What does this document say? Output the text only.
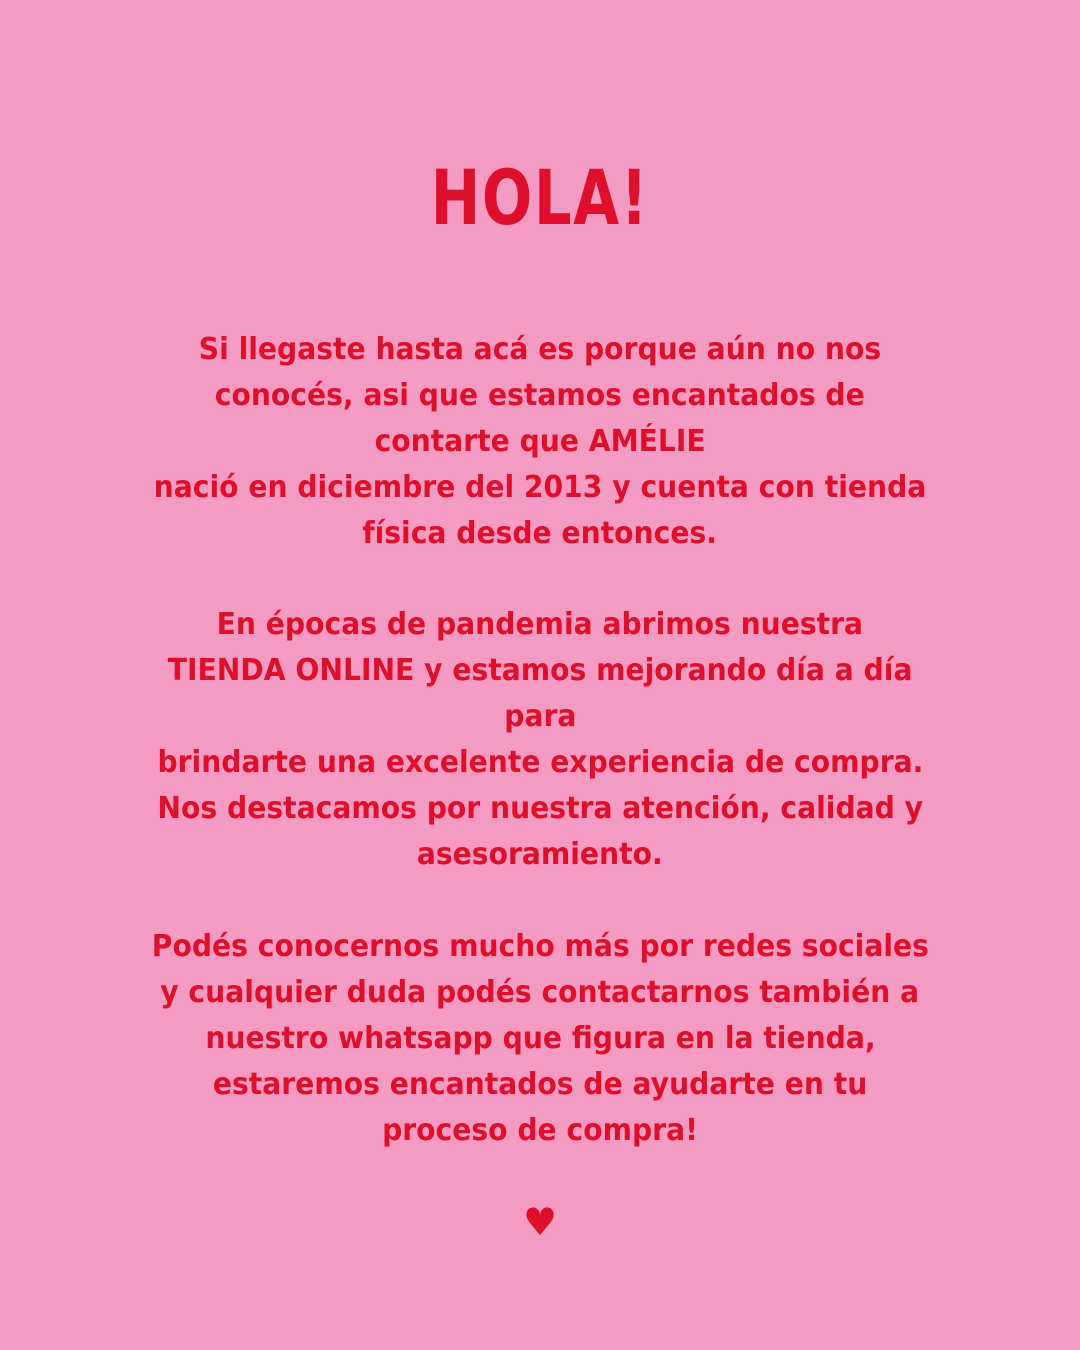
HOLA!
Si llegaste hasta acá es porque aún no nos
conocés, asi que estamos encantados de
contarte que AMÉLIE
nació en diciembre del 2013 y cuenta con tienda
física desde entonces.
En épocas de pandemia abrimos nuestra
TIENDA ONLINE y estamos mejorando día a día
para
brindarte una excelente experiencia de compra.
Nos destacamos por nuestra atención, calidad y
asesoramiento.
Podés conocernos mucho más por redes sociales
y cualquier duda podés contactarnos también a
nuestro whatsapp que figura en la tienda,
estaremos encantados de ayudarte en tu
proceso de compra!
♥
